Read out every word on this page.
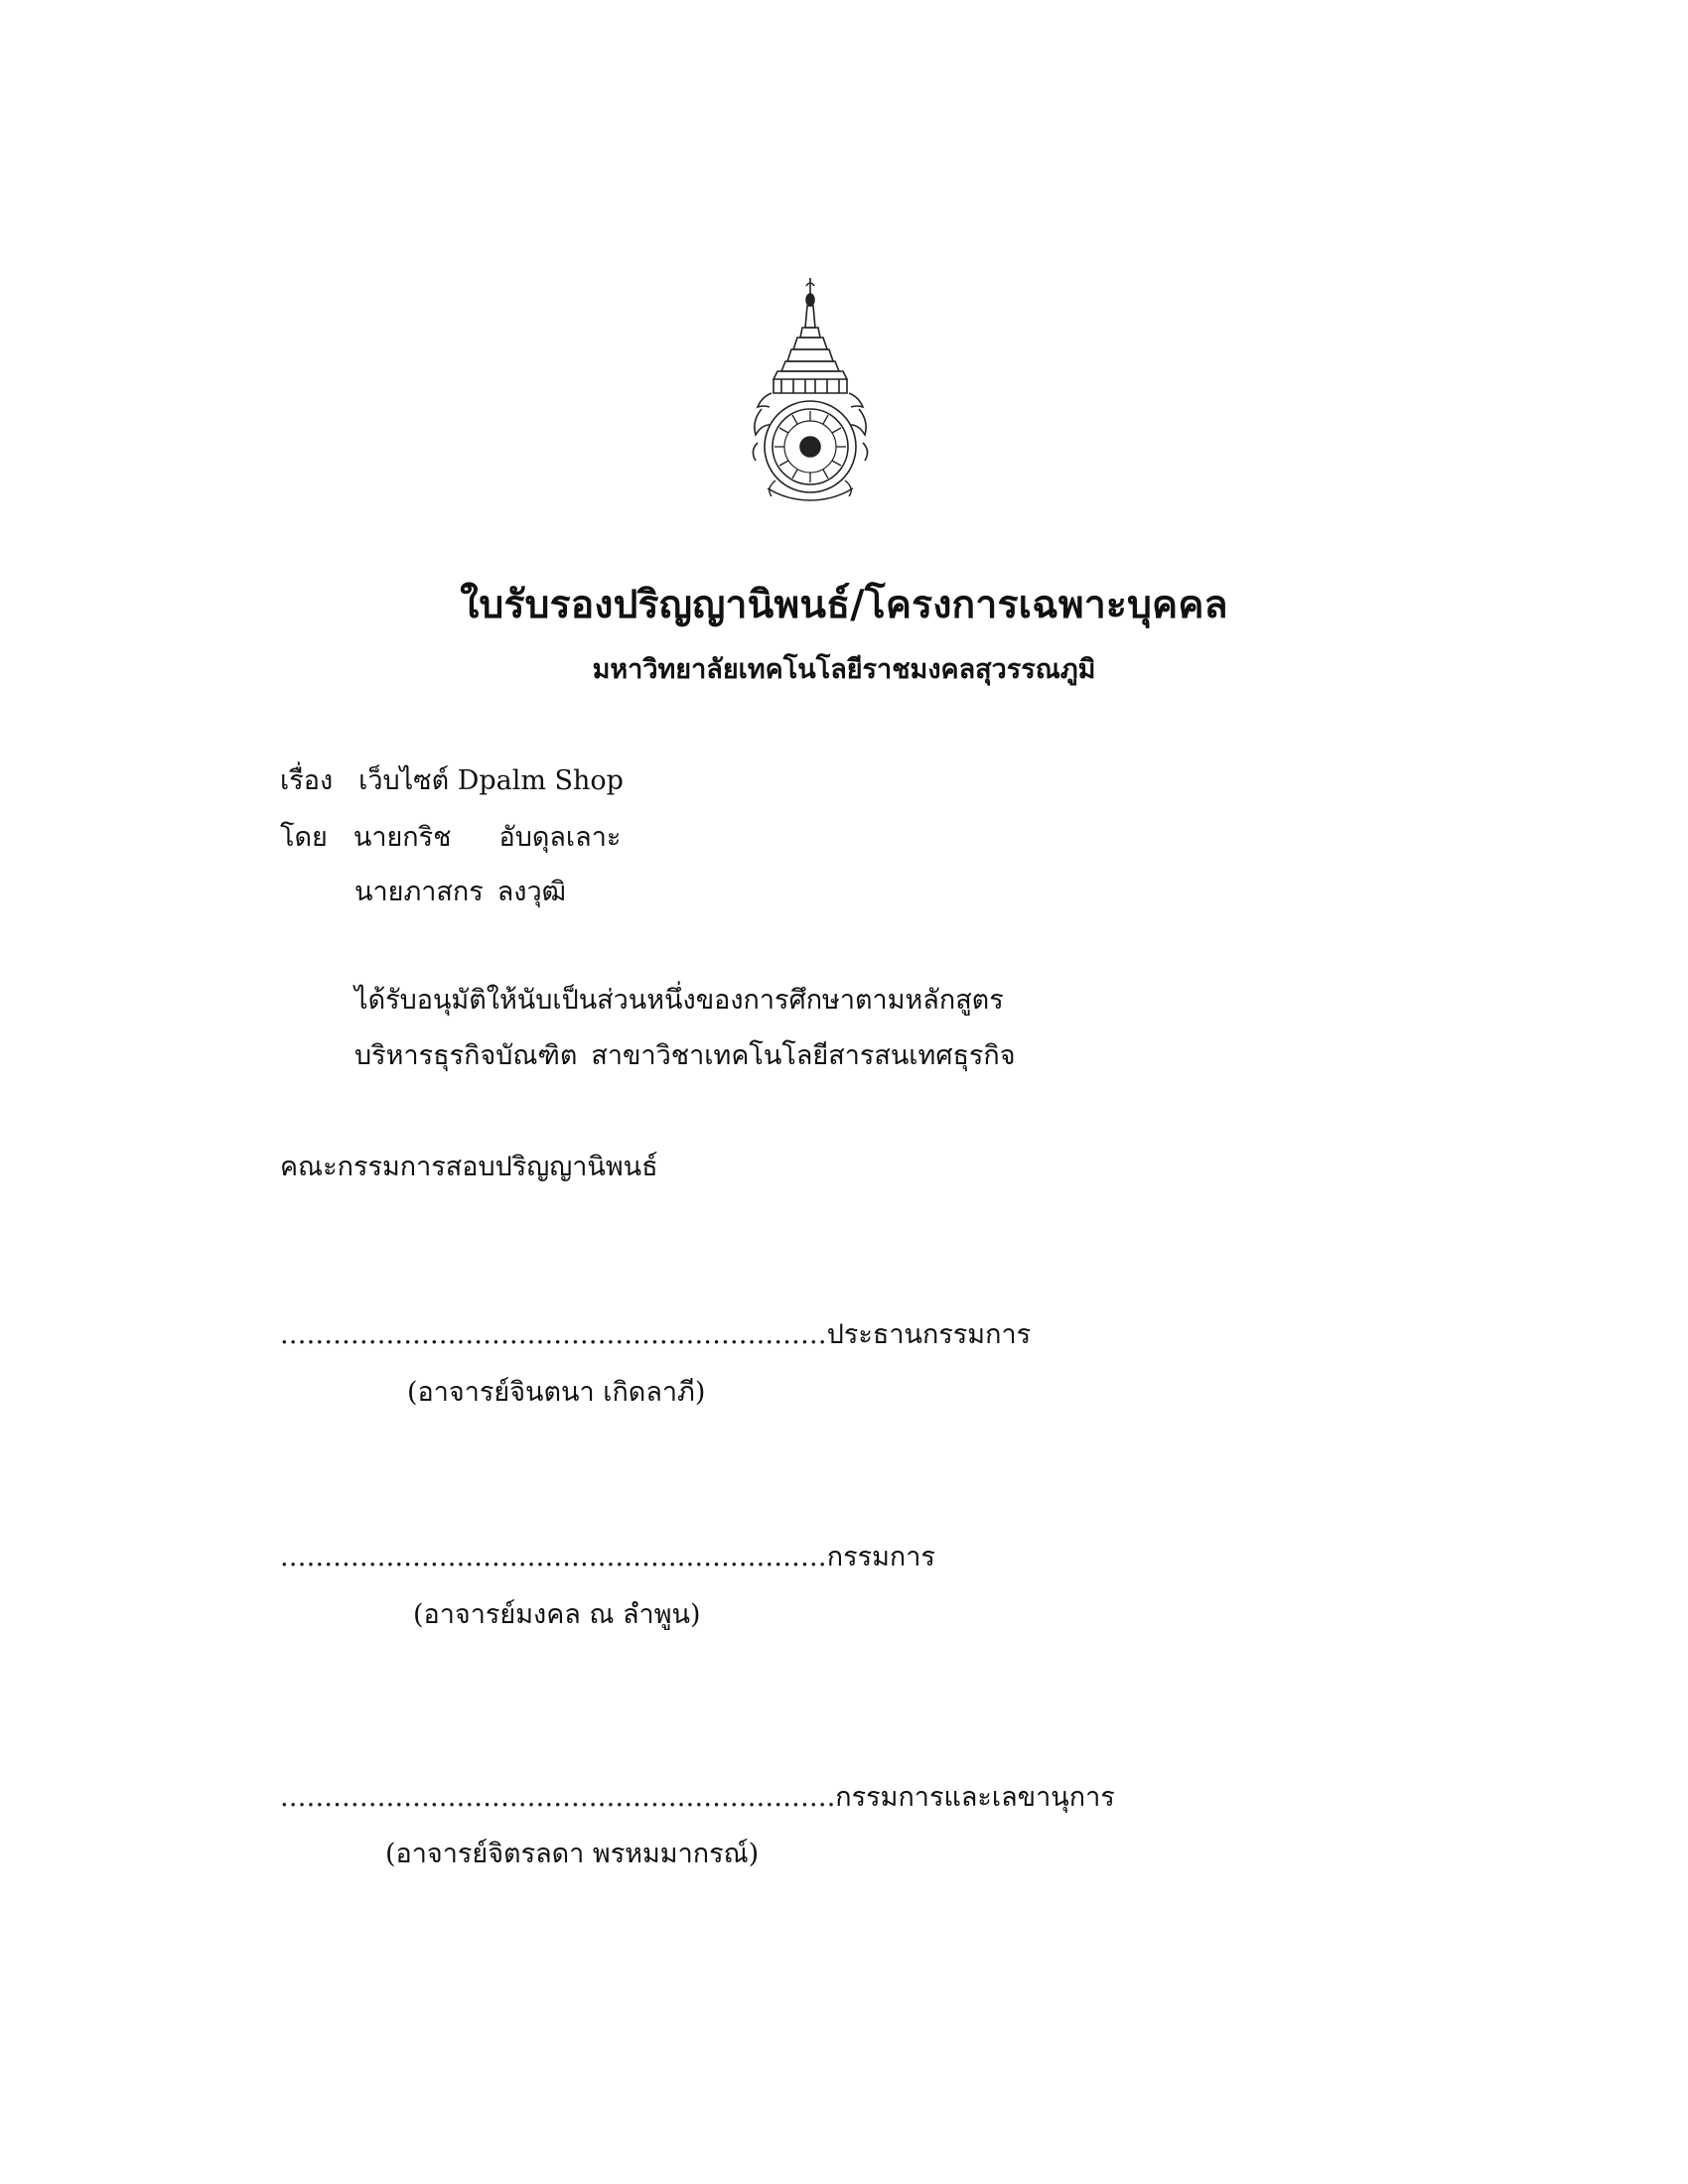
ใบรับรองปริญญานิพนธ์/โครงการเฉพาะบุคคล
มหาวิทยาลัยเทคโนโลยีราชมงคลสุวรรณภูมิ
เรื่อง เว็บไซต์ Dpalm Shop
โดย นายกริช อับดุลเลาะ
นายภาสกร ลงวุฒิ
ได้รับอนุมัติให้นับเป็นส่วนหนึ่งของการศึกษาตามหลักสูตร
บริหารธุรกิจบัณฑิต สาขาวิชาเทคโนโลยีสารสนเทศธุรกิจ
คณะกรรมการสอบปริญญานิพนธ์
..............................................................ประธานกรรมการ
(อาจารย์จินตนา เกิดลาภี)
..............................................................กรรมการ
(อาจารย์มงคล ณ ลำพูน)
...............................................................กรรมการและเลขานุการ
(อาจารย์จิตรลดา พรหมมากรณ์)
